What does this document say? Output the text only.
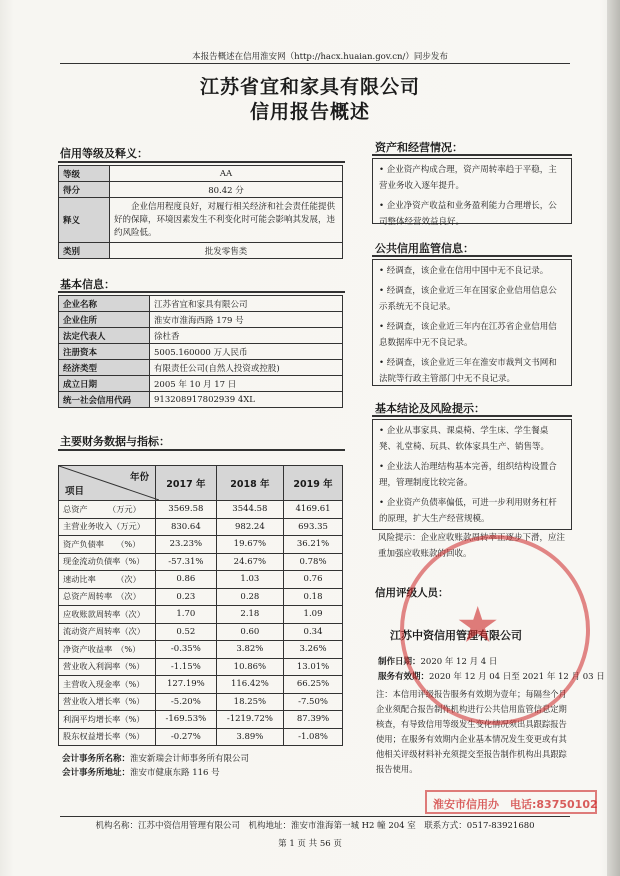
本报告概述在信用淮安网（http://hacx.huaian.gov.cn/）同步发布
江苏省宜和家具有限公司
信用报告概述
信用等级及释义：
等级	AA
得分	80.42 分
释义	企业信用程度良好，对履行相关经济和社会责任能提供好的保障，环境因素发生不利变化时可能会影响其发展，违约风险低。
类别	批发零售类
基本信息：
企业名称	江苏省宜和家具有限公司
企业住所	淮安市淮海西路 179 号
法定代表人	徐杜香
注册资本	5005.160000 万人民币
经济类型	有限责任公司(自然人投资或控股)
成立日期	2005 年 10 月 17 日
统一社会信用代码	913208917802939 4XL
主要财务数据与指标：
年份
项目	2017 年	2018 年	2019 年
总资产　　　（万元）	3569.58	3544.58	4169.61
主营业务收入（万元）	830.64	982.24	693.35
资产负债率　　（%）	23.23%	19.67%	36.21%
现金流动负债率（%）	-57.31%	24.67%	0.78%
速动比率　　　（次）	0.86	1.03	0.76
总资产周转率　（次）	0.23	0.28	0.18
应收账款周转率（次）	1.70	2.18	1.09
流动资产周转率（次）	0.52	0.60	0.34
净资产收益率　（%）	-0.35%	3.82%	3.26%
营业收入利润率（%）	-1.15%	10.86%	13.01%
主营收入现金率（%）	127.19%	116.42%	66.25%
营业收入增长率（%）	-5.20%	18.25%	-7.50%
利润平均增长率（%）	-169.53%	-1219.72%	87.39%
股东权益增长率（%）	-0.27%	3.89%	-1.08%
会计事务所名称：淮安新瑞会计师事务所有限公司
会计事务所地址：淮安市健康东路 116 号
资产和经营情况：

• 企业资产构成合理，资产周转率趋于平稳，主营业务收入逐年提升。

• 企业净资产收益和业务盈利能力合理增长，公司整体经营效益良好。

公共信用监管信息：

• 经调查，该企业在信用中国中无不良记录。

• 经调查，该企业近三年在国家企业信用信息公示系统无不良记录。

• 经调查，该企业近三年内在江苏省企业信用信息数据库中无不良记录。

• 经调查，该企业近三年在淮安市裁判文书网和法院等行政主管部门中无不良记录。

基本结论及风险提示：

• 企业从事家具、课桌椅、学生床、学生餐桌凳、礼堂椅、玩具、软体家具生产、销售等。

• 企业法人治理结构基本完善，组织结构设置合理，管理制度比较完备。

• 企业资产负债率偏低，可进一步利用财务杠杆的原理，扩大生产经营规模。

风险提示：企业应收账款周转率正逐步下滑，应注重加强应收账款的回收。
信用评级人员：
江苏中资信用管理有限公司
制作日期：2020 年 12 月 4 日
服务有效期：2020 年 12 月 04 日至 2021 年 12 月 03 日
注：本信用评级报告服务有效期为壹年；每隔叁个月企业须配合报告制作机构进行公共信用监管信息定期核查，有导致信用等级发生变化情况须出具跟踪报告使用；在服务有效期内企业基本情况发生变更或有其他相关评级材料补充须提交至报告制作机构出具跟踪报告使用。
★
淮安市信用办　电话:83750102
机构名称：江苏中资信用管理有限公司　机构地址：淮安市淮海第一城 H2 幢 204 室　联系方式：0517-83921680
第 1 页 共 56 页
